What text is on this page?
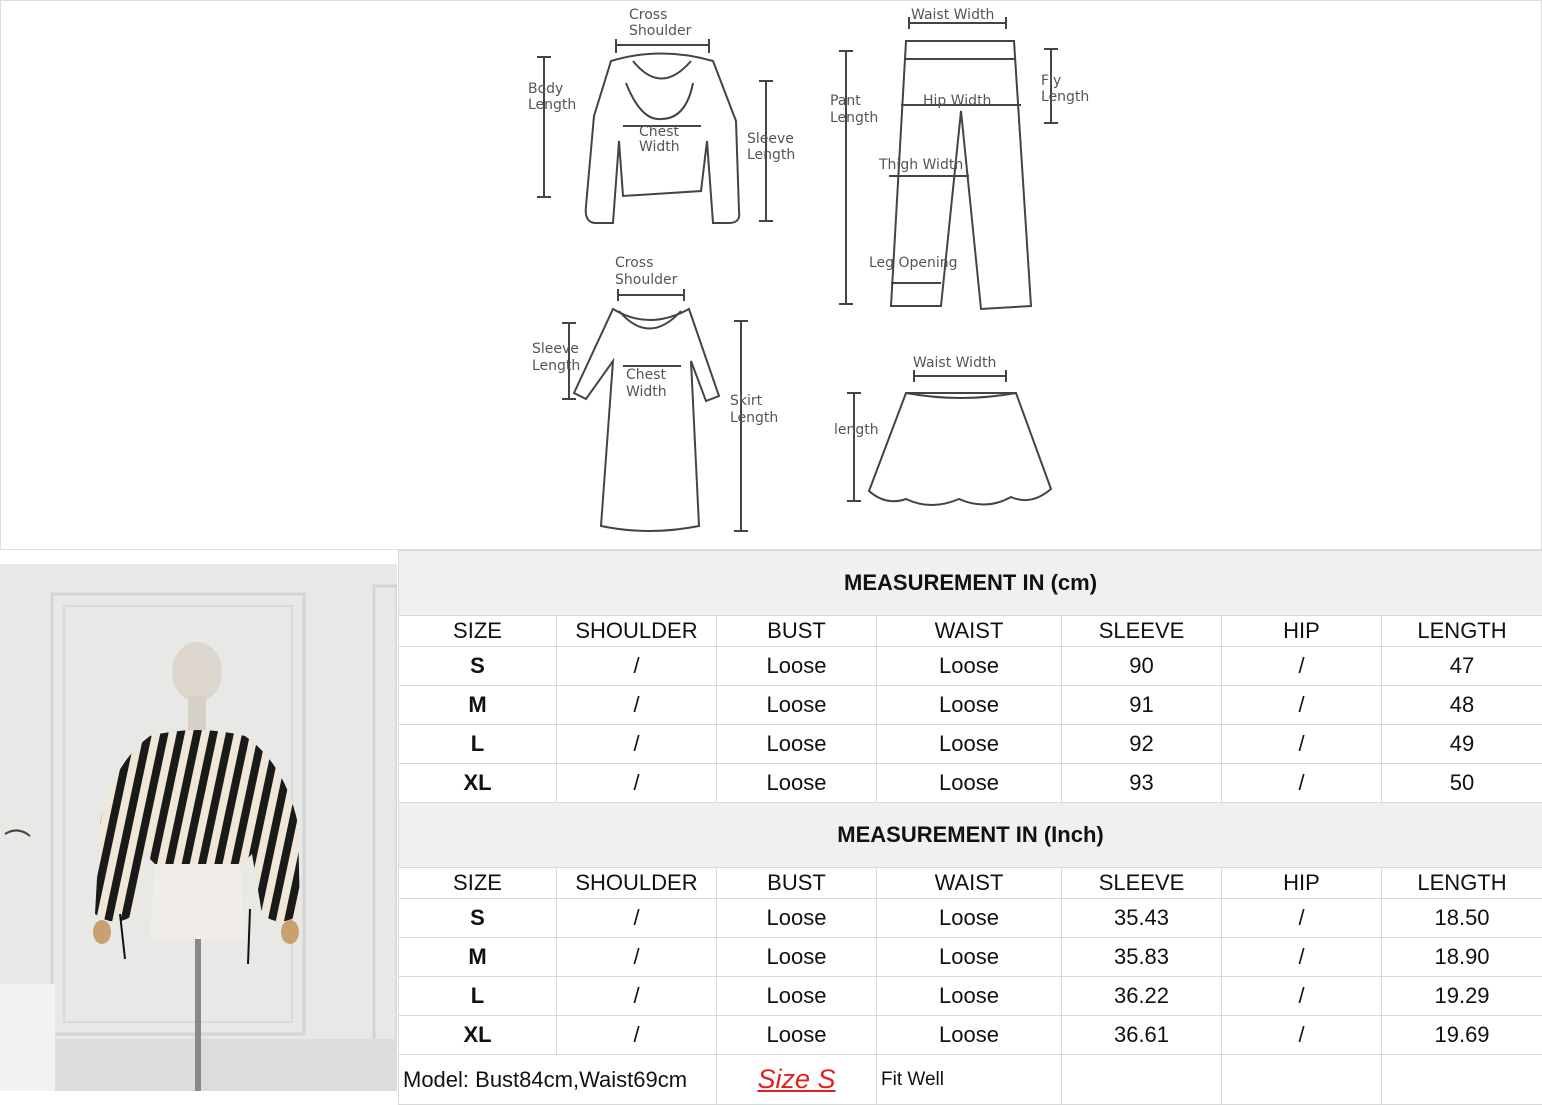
Cross
Shoulder
Body
Length
Chest
Width	Sleeve
Length
Waist Width
Fly
Length
Pant
Length
Hip Width
Thigh Width
Leg Opening
Cross
Shoulder
Sleeve
Length
Chest
Width
Skirt
Length
Waist Width
length
MEASUREMENT IN (cm)						
SIZE	SHOULDER	BUST	WAIST	SLEEVE	HIP	LENGTH
S	/	Loose	Loose	90	/	47
M	/	Loose	Loose	91	/	48
L	/	Loose	Loose	92	/	49
XL	/	Loose	Loose	93	/	50
MEASUREMENT IN (Inch)						
SIZE	SHOULDER	BUST	WAIST	SLEEVE	HIP	LENGTH
S	/	Loose	Loose	35.43	/	18.50
M	/	Loose	Loose	35.83	/	18.90
L	/	Loose	Loose	36.22	/	19.29
XL	/	Loose	Loose	36.61	/	19.69
Model: Bust84cm,Waist69cm		Size S	Fit Well			
